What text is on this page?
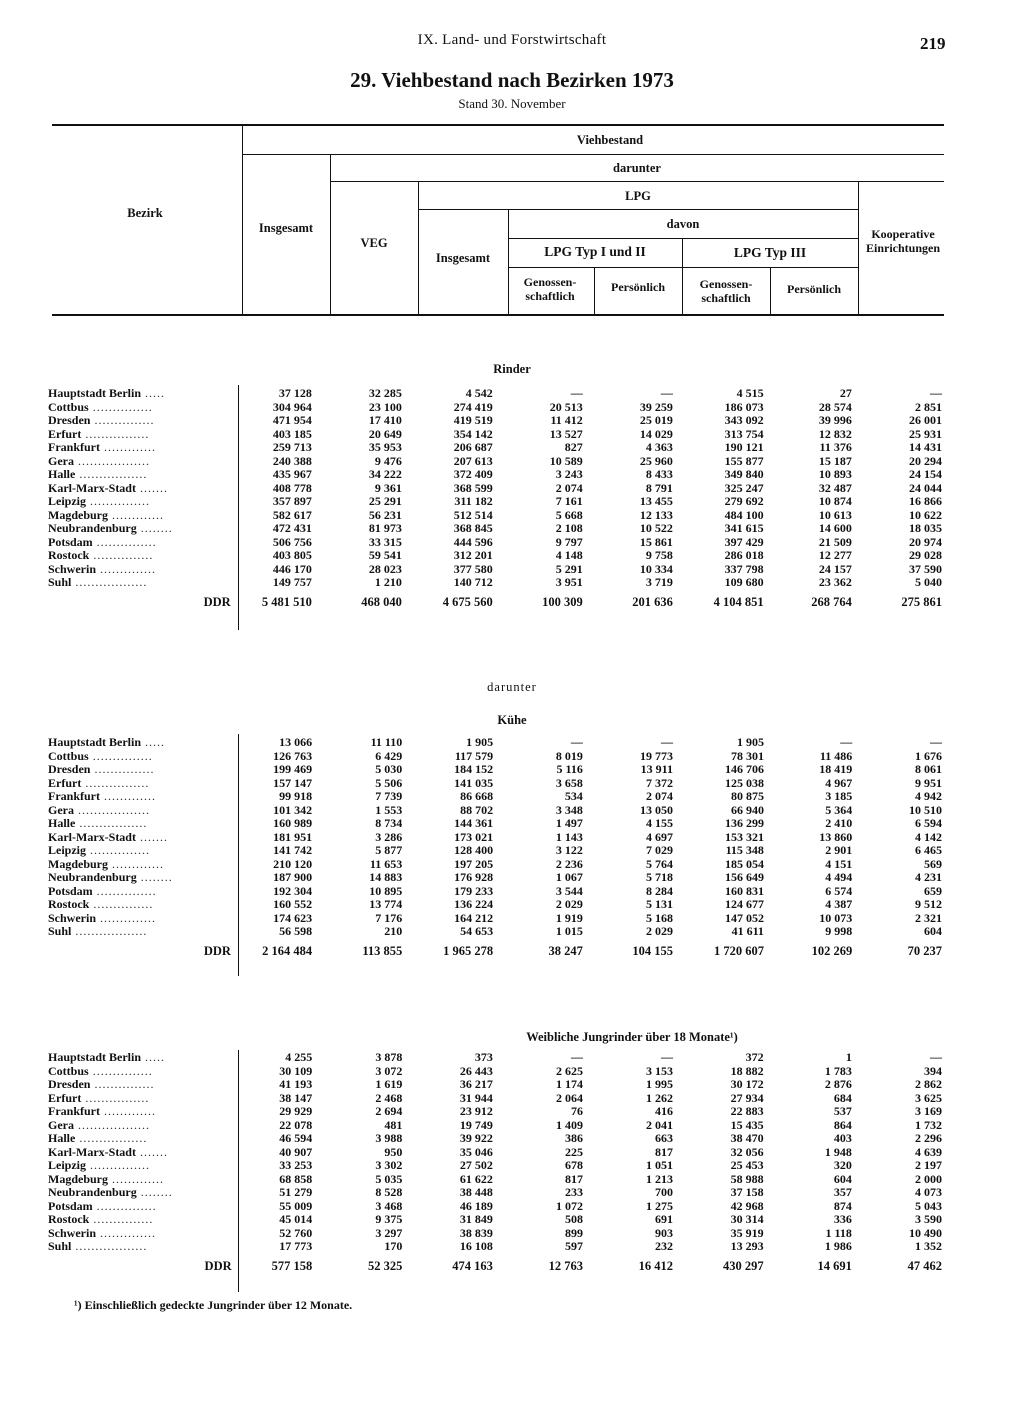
IX. Land- und Forstwirtschaft	219
29. Viehbestand nach Bezirken 1973
Stand 30. November
Bezirk
Viehbestand
Insgesamt
darunter
VEG
LPG
Insgesamt
davon
LPG Typ I und II	LPG Typ III
Genossen-schaftlich
Persönlich	Genossen-schaftlich
Persönlich
Kooperative Einrichtungen
Rinder
Hauptstadt Berlin .....	37 128	32 285	4 542	—	—	4 515	27	—
Cottbus ...............	304 964	23 100	274 419	20 513	39 259	186 073	28 574	2 851
Dresden ...............	471 954	17 410	419 519	11 412	25 019	343 092	39 996	26 001
Erfurt ................	403 185	20 649	354 142	13 527	14 029	313 754	12 832	25 931
Frankfurt .............	259 713	35 953	206 687	827	4 363	190 121	11 376	14 431
Gera ..................	240 388	9 476	207 613	10 589	25 960	155 877	15 187	20 294
Halle .................	435 967	34 222	372 409	3 243	8 433	349 840	10 893	24 154
Karl-Marx-Stadt .......	408 778	9 361	368 599	2 074	8 791	325 247	32 487	24 044
Leipzig ...............	357 897	25 291	311 182	7 161	13 455	279 692	10 874	16 866
Magdeburg .............	582 617	56 231	512 514	5 668	12 133	484 100	10 613	10 622
Neubrandenburg ........	472 431	81 973	368 845	2 108	10 522	341 615	14 600	18 035
Potsdam ...............	506 756	33 315	444 596	9 797	15 861	397 429	21 509	20 974
Rostock ...............	403 805	59 541	312 201	4 148	9 758	286 018	12 277	29 028
Schwerin ..............	446 170	28 023	377 580	5 291	10 334	337 798	24 157	37 590
Suhl ..................	149 757	1 210	140 712	3 951	3 719	109 680	23 362	5 040
DDR	5 481 510	468 040	4 675 560	100 309	201 636	4 104 851	268 764	275 861
darunter
Kühe
Hauptstadt Berlin .....	13 066	11 110	1 905	—	—	1 905	—	—
Cottbus ...............	126 763	6 429	117 579	8 019	19 773	78 301	11 486	1 676
Dresden ...............	199 469	5 030	184 152	5 116	13 911	146 706	18 419	8 061
Erfurt ................	157 147	5 506	141 035	3 658	7 372	125 038	4 967	9 951
Frankfurt .............	99 918	7 739	86 668	534	2 074	80 875	3 185	4 942
Gera ..................	101 342	1 553	88 702	3 348	13 050	66 940	5 364	10 510
Halle .................	160 989	8 734	144 361	1 497	4 155	136 299	2 410	6 594
Karl-Marx-Stadt .......	181 951	3 286	173 021	1 143	4 697	153 321	13 860	4 142
Leipzig ...............	141 742	5 877	128 400	3 122	7 029	115 348	2 901	6 465
Magdeburg .............	210 120	11 653	197 205	2 236	5 764	185 054	4 151	569
Neubrandenburg ........	187 900	14 883	176 928	1 067	5 718	156 649	4 494	4 231
Potsdam ...............	192 304	10 895	179 233	3 544	8 284	160 831	6 574	659
Rostock ...............	160 552	13 774	136 224	2 029	5 131	124 677	4 387	9 512
Schwerin ..............	174 623	7 176	164 212	1 919	5 168	147 052	10 073	2 321
Suhl ..................	56 598	210	54 653	1 015	2 029	41 611	9 998	604
DDR	2 164 484	113 855	1 965 278	38 247	104 155	1 720 607	102 269	70 237
Weibliche Jungrinder über 18 Monate¹)
Hauptstadt Berlin .....	4 255	3 878	373	—	—	372	1	—
Cottbus ...............	30 109	3 072	26 443	2 625	3 153	18 882	1 783	394
Dresden ...............	41 193	1 619	36 217	1 174	1 995	30 172	2 876	2 862
Erfurt ................	38 147	2 468	31 944	2 064	1 262	27 934	684	3 625
Frankfurt .............	29 929	2 694	23 912	76	416	22 883	537	3 169
Gera ..................	22 078	481	19 749	1 409	2 041	15 435	864	1 732
Halle .................	46 594	3 988	39 922	386	663	38 470	403	2 296
Karl-Marx-Stadt .......	40 907	950	35 046	225	817	32 056	1 948	4 639
Leipzig ...............	33 253	3 302	27 502	678	1 051	25 453	320	2 197
Magdeburg .............	68 858	5 035	61 622	817	1 213	58 988	604	2 000
Neubrandenburg ........	51 279	8 528	38 448	233	700	37 158	357	4 073
Potsdam ...............	55 009	3 468	46 189	1 072	1 275	42 968	874	5 043
Rostock ...............	45 014	9 375	31 849	508	691	30 314	336	3 590
Schwerin ..............	52 760	3 297	38 839	899	903	35 919	1 118	10 490
Suhl ..................	17 773	170	16 108	597	232	13 293	1 986	1 352
DDR	577 158	52 325	474 163	12 763	16 412	430 297	14 691	47 462
¹) Einschließlich gedeckte Jungrinder über 12 Monate.
